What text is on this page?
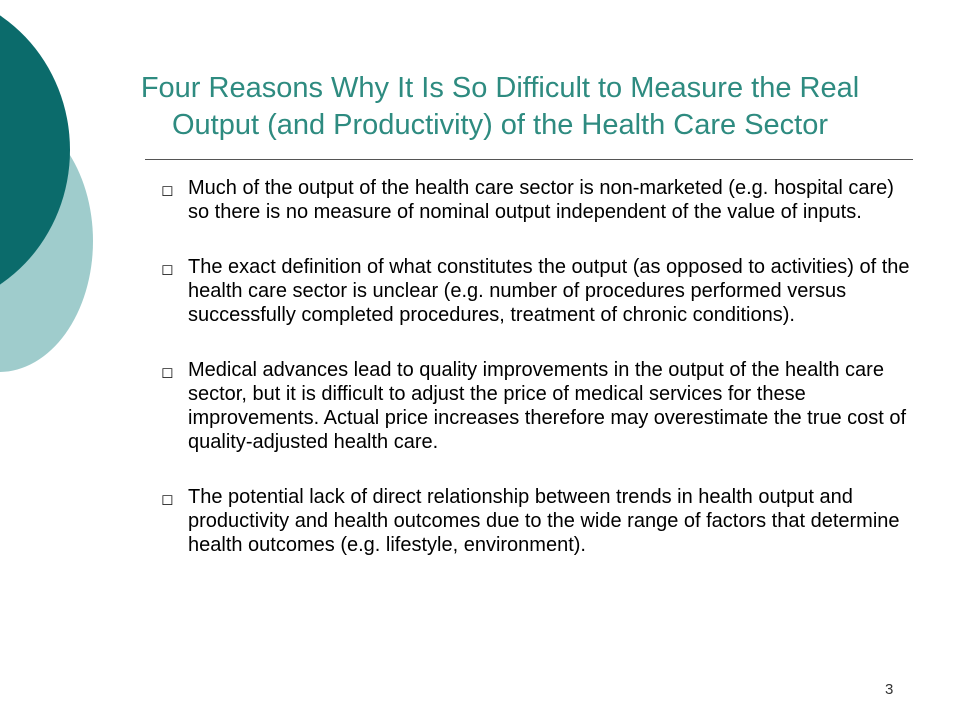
Four Reasons Why It Is So Difficult to Measure the Real
Output (and Productivity) of the Health Care Sector
◻ Much of the output of the health care sector is non-marketed (e.g. hospital care) so there is no measure of nominal output independent of the value of inputs.
◻ The exact definition of what constitutes the output (as opposed to activities) of the health care sector is unclear (e.g. number of procedures performed versus successfully completed procedures, treatment of chronic conditions).
◻ Medical advances lead to quality improvements in the output of the health care sector, but it is difficult to adjust the price of medical services for these improvements. Actual price increases therefore may overestimate the true cost of quality-adjusted health care.
◻ The potential lack of direct relationship between trends in health output and productivity and health outcomes due to the wide range of factors that determine health outcomes (e.g. lifestyle, environment).
3
